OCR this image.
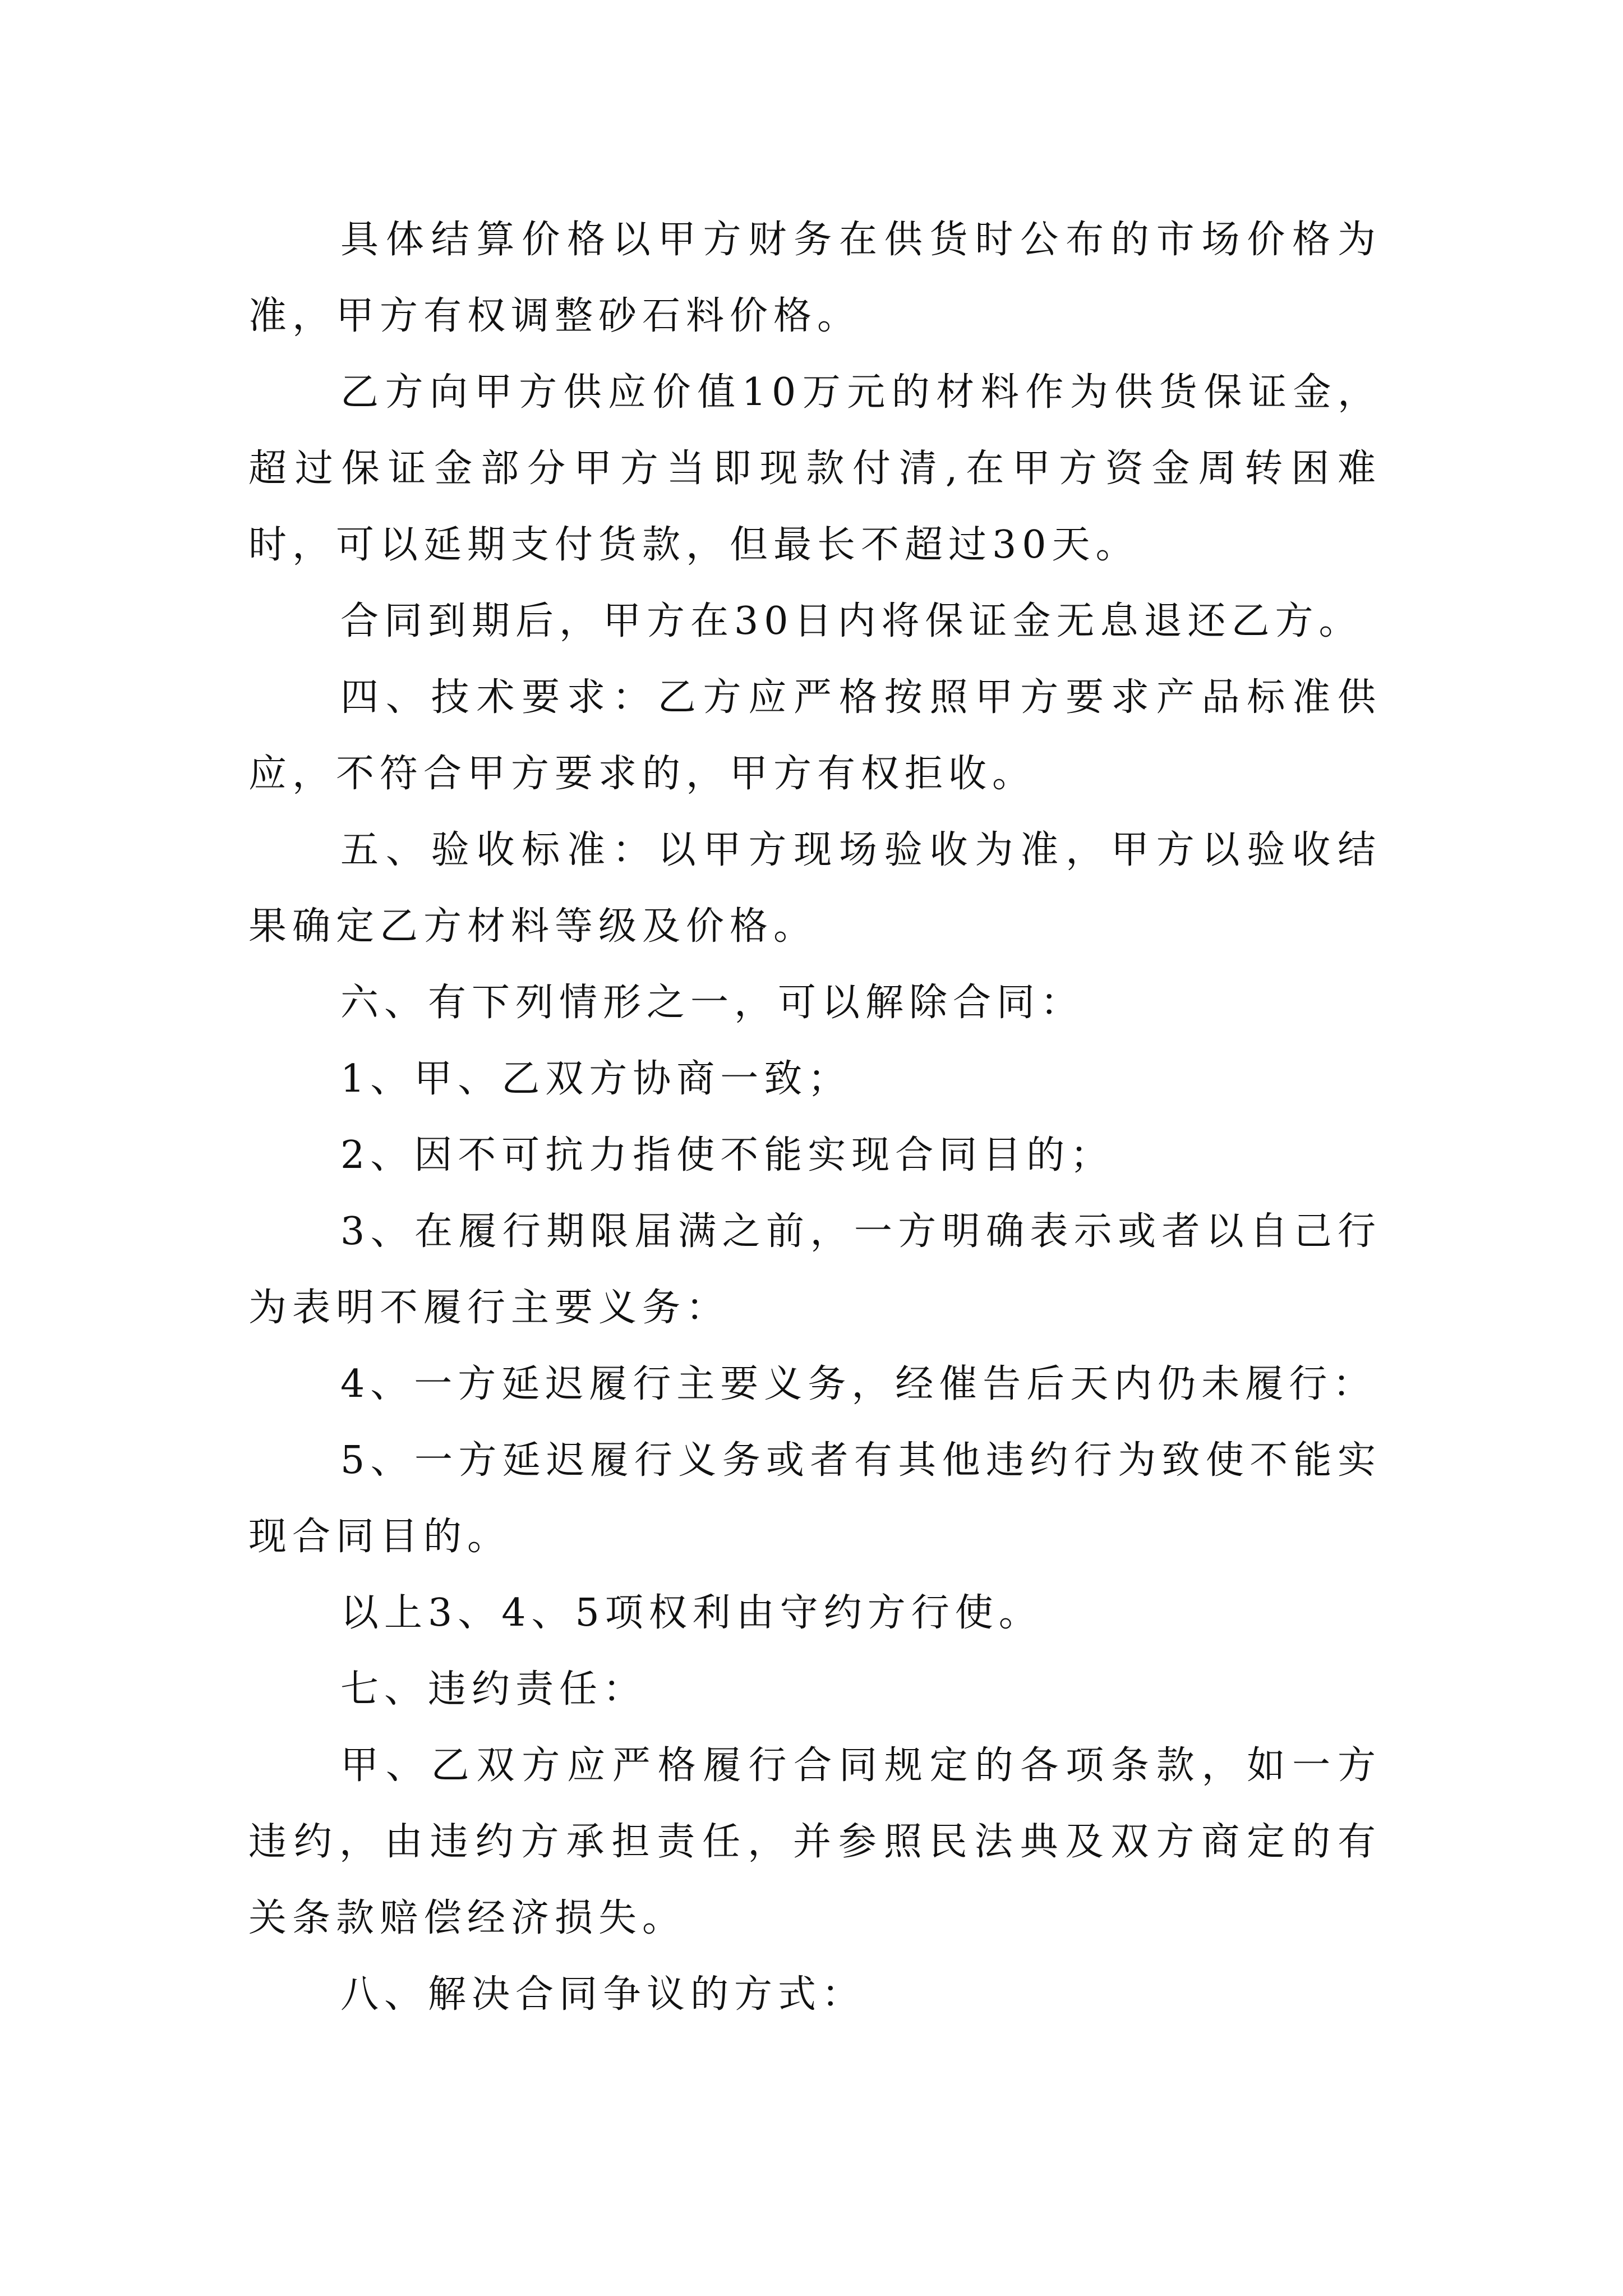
具体结算价格以甲方财务在供货时公布的市场价格为准，甲方有权调整砂石料价格。

乙方向甲方供应价值10万元的材料作为供货保证金，超过保证金部分甲方当即现款付清,在甲方资金周转困难时，可以延期支付货款，但最长不超过30天。

合同到期后，甲方在30日内将保证金无息退还乙方。

四、技术要求：乙方应严格按照甲方要求产品标准供应，不符合甲方要求的，甲方有权拒收。

五、验收标准：以甲方现场验收为准，甲方以验收结果确定乙方材料等级及价格。

六、有下列情形之一，可以解除合同：

1、甲、乙双方协商一致；

2、因不可抗力指使不能实现合同目的；

3、在履行期限届满之前，一方明确表示或者以自己行为表明不履行主要义务：

4、一方延迟履行主要义务，经催告后天内仍未履行：

5、一方延迟履行义务或者有其他违约行为致使不能实现合同目的。

以上3、4、5项权利由守约方行使。

七、违约责任：

甲、乙双方应严格履行合同规定的各项条款，如一方违约，由违约方承担责任，并参照民法典及双方商定的有关条款赔偿经济损失。

八、解决合同争议的方式：
